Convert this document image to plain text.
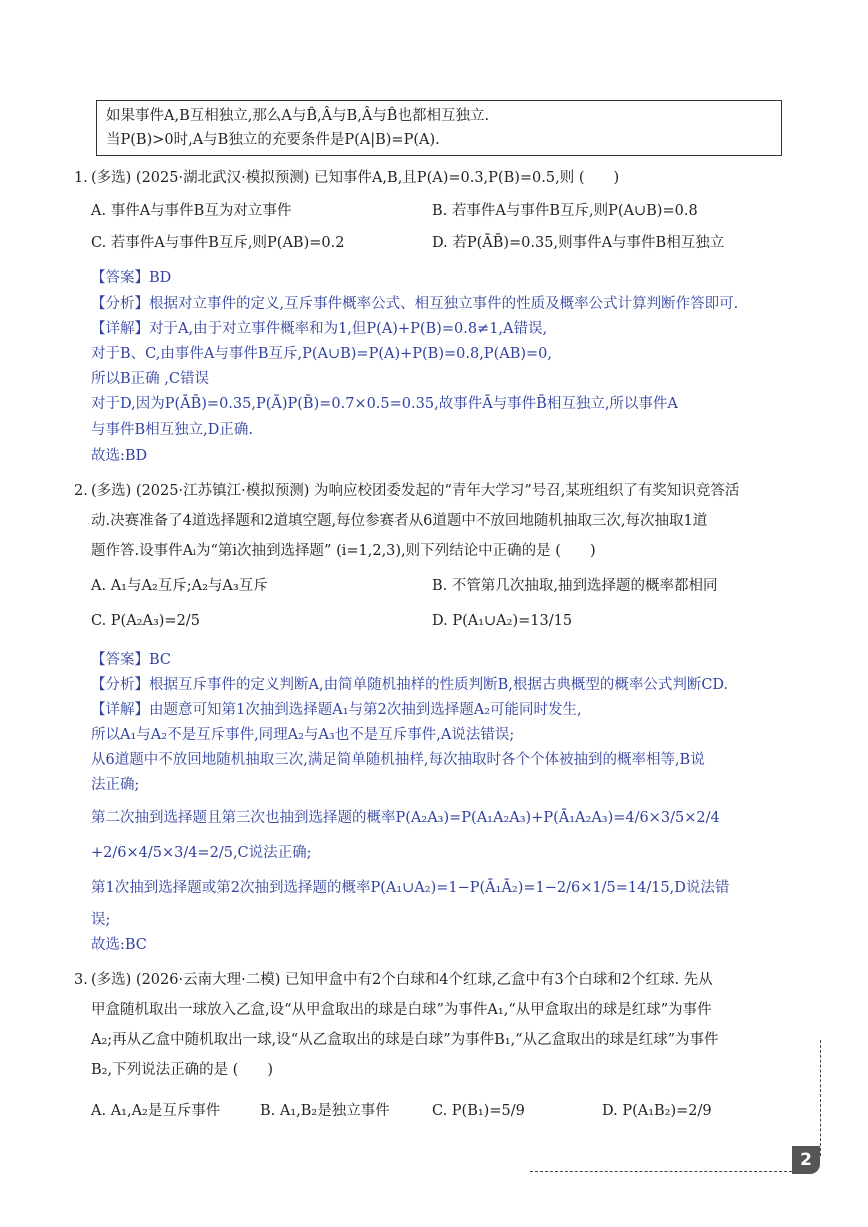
如果事件A,B互相独立,那么A与B̂,Â与B,Â与B̂也都相互独立.
当P(B)>0时,A与B独立的充要条件是P(A|B)=P(A).
1. (多选) (2025·湖北武汉·模拟预测) 已知事件A,B,且P(A)=0.3,P(B)=0.5,则 (　　)
A. 事件A与事件B互为对立事件	B. 若事件A与事件B互斥,则P(A∪B)=0.8
C. 若事件A与事件B互斥,则P(AB)=0.2	D. 若P(ĀB̄)=0.35,则事件A与事件B相互独立
【答案】BD
【分析】根据对立事件的定义,互斥事件概率公式、相互独立事件的性质及概率公式计算判断作答即可.
【详解】对于A,由于对立事件概率和为1,但P(A)+P(B)=0.8≠1,A错误,
对于B、C,由事件A与事件B互斥,P(A∪B)=P(A)+P(B)=0.8,P(AB)=0,
所以B正确 ,C错误
对于D,因为P(ĀB̄)=0.35,P(Ā)P(B̄)=0.7×0.5=0.35,故事件Ā与事件B̄相互独立,所以事件A
与事件B相互独立,D正确.
故选:BD
2. (多选) (2025·江苏镇江·模拟预测) 为响应校团委发起的“青年大学习”号召,某班组织了有奖知识竞答活
动.决赛准备了4道选择题和2道填空题,每位参赛者从6道题中不放回地随机抽取三次,每次抽取1道
题作答.设事件Aᵢ为“第i次抽到选择题” (i=1,2,3),则下列结论中正确的是 (　　)
A. A₁与A₂互斥;A₂与A₃互斥	B. 不管第几次抽取,抽到选择题的概率都相同
C. P(A₂A₃)=2/5	D. P(A₁∪A₂)=13/15
【答案】BC
【分析】根据互斥事件的定义判断A,由简单随机抽样的性质判断B,根据古典概型的概率公式判断CD.
【详解】由题意可知第1次抽到选择题A₁与第2次抽到选择题A₂可能同时发生,
所以A₁与A₂不是互斥事件,同理A₂与A₃也不是互斥事件,A说法错误;
从6道题中不放回地随机抽取三次,满足简单随机抽样,每次抽取时各个个体被抽到的概率相等,B说
法正确;
第二次抽到选择题且第三次也抽到选择题的概率P(A₂A₃)=P(A₁A₂A₃)+P(Ā₁A₂A₃)=4/6×3/5×2/4
+2/6×4/5×3/4=2/5,C说法正确;
第1次抽到选择题或第2次抽到选择题的概率P(A₁∪A₂)=1−P(Ā₁Ā₂)=1−2/6×1/5=14/15,D说法错
误;
故选:BC
3. (多选) (2026·云南大理·二模) 已知甲盒中有2个白球和4个红球,乙盒中有3个白球和2个红球. 先从
甲盒随机取出一球放入乙盒,设“从甲盒取出的球是白球”为事件A₁,“从甲盒取出的球是红球”为事件
A₂;再从乙盒中随机取出一球,设“从乙盒取出的球是白球”为事件B₁,“从乙盒取出的球是红球”为事件
B₂,下列说法正确的是 (　　)
A. A₁,A₂是互斥事件	B. A₁,B₂是独立事件	C. P(B₁)=5/9	D. P(A₁B₂)=2/9
2
